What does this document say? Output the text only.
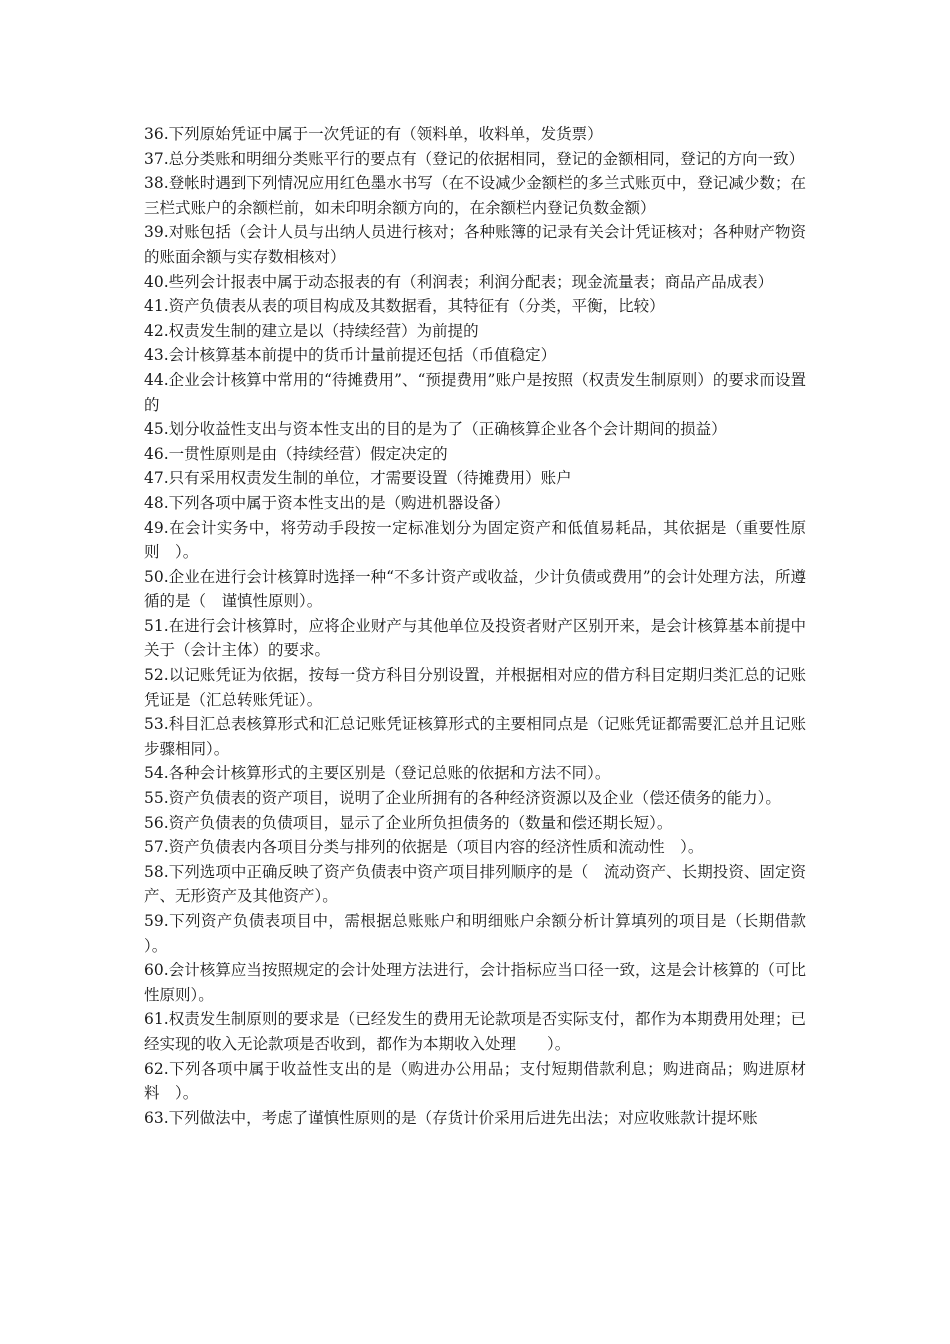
36.下列原始凭证中属于一次凭证的有（领料单，收料单，发货票）

37.总分类账和明细分类账平行的要点有（登记的依据相同，登记的金额相同，登记的方向一致）

38.登帐时遇到下列情况应用红色墨水书写（在不设减少金额栏的多兰式账页中，登记减少数；在三栏式账户的余额栏前，如未印明余额方向的，在余额栏内登记负数金额）

39.对账包括（会计人员与出纳人员进行核对；各种账簿的记录有关会计凭证核对；各种财产物资的账面余额与实存数相核对）

40.些列会计报表中属于动态报表的有（利润表；利润分配表；现金流量表；商品产品成表）

41.资产负债表从表的项目构成及其数据看，其特征有（分类，平衡，比较）

42.权责发生制的建立是以（持续经营）为前提的

43.会计核算基本前提中的货币计量前提还包括（币值稳定）

44.企业会计核算中常用的“待摊费用”、“预提费用”账户是按照（权责发生制原则）的要求而设置的

45.划分收益性支出与资本性支出的目的是为了（正确核算企业各个会计期间的损益）

46.一贯性原则是由（持续经营）假定决定的

47.只有采用权责发生制的单位，才需要设置（待摊费用）账户

48.下列各项中属于资本性支出的是（购进机器设备）

49.在会计实务中，将劳动手段按一定标准划分为固定资产和低值易耗品，其依据是（重要性原则　）。

50.企业在进行会计核算时选择一种“不多计资产或收益，少计负债或费用”的会计处理方法，所遵循的是（　谨慎性原则）。

51.在进行会计核算时，应将企业财产与其他单位及投资者财产区别开来，是会计核算基本前提中关于（会计主体）的要求。

52.以记账凭证为依据，按每一贷方科目分别设置，并根据相对应的借方科目定期归类汇总的记账凭证是（汇总转账凭证）。

53.科目汇总表核算形式和汇总记账凭证核算形式的主要相同点是（记账凭证都需要汇总并且记账步骤相同）。

54.各种会计核算形式的主要区别是（登记总账的依据和方法不同）。

55.资产负债表的资产项目，说明了企业所拥有的各种经济资源以及企业（偿还债务的能力）。

56.资产负债表的负债项目，显示了企业所负担债务的（数量和偿还期长短）。

57.资产负债表内各项目分类与排列的依据是（项目内容的经济性质和流动性　）。

58.下列选项中正确反映了资产负债表中资产项目排列顺序的是（　流动资产、长期投资、固定资产、无形资产及其他资产）。

59.下列资产负债表项目中，需根据总账账户和明细账户余额分析计算填列的项目是（长期借款　　）。

60.会计核算应当按照规定的会计处理方法进行，会计指标应当口径一致，这是会计核算的（可比性原则）。

61.权责发生制原则的要求是（已经发生的费用无论款项是否实际支付，都作为本期费用处理；已经实现的收入无论款项是否收到，都作为本期收入处理　　）。

62.下列各项中属于收益性支出的是（购进办公用品；支付短期借款利息；购进商品；购进原材料　）。

63.下列做法中，考虑了谨慎性原则的是（存货计价采用后进先出法；对应收账款计提坏账
